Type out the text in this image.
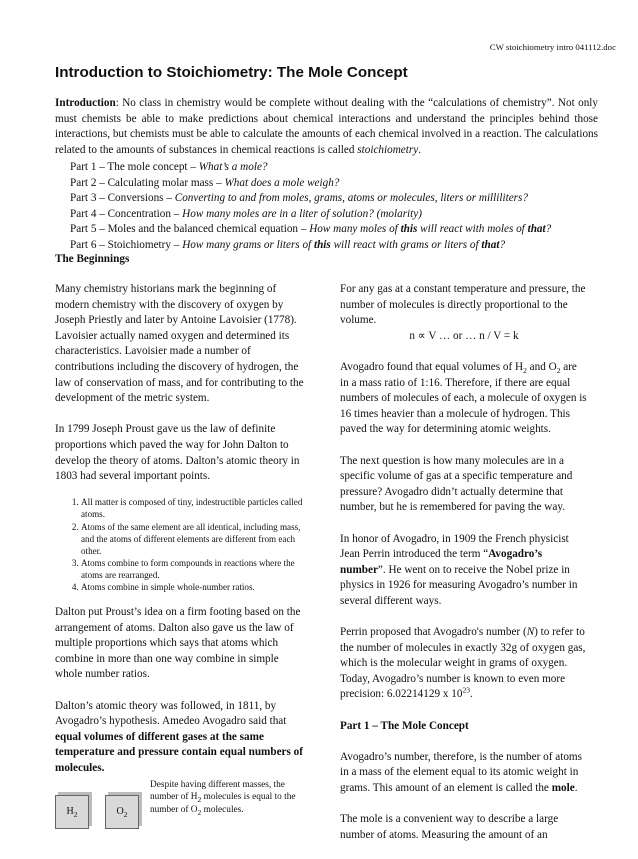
CW stoichiometry intro 041112.doc
Introduction to Stoichiometry: The Mole Concept

Introduction: No class in chemistry would be complete without dealing with the “calculations of chemistry”. Not only must chemists be able to make predictions about chemical interactions and understand the principles behind those interactions, but chemists must be able to calculate the amounts of each chemical involved in a reaction. The calculations related to the amounts of substances in chemical reactions is called stoichiometry.

Part 1 – The mole concept – What’s a mole?
Part 2 – Calculating molar mass – What does a mole weigh?
Part 3 – Conversions – Converting to and from moles, grams, atoms or molecules, liters or milliliters?
Part 4 – Concentration – How many moles are in a liter of solution? (molarity)
Part 5 – Moles and the balanced chemical equation – How many moles of this will react with moles of that?
Part 6 – Stoichiometry – How many grams or liters of this will react with grams or liters of that?
The Beginnings

Many chemistry historians mark the beginning of modern chemistry with the discovery of oxygen by Joseph Priestly and later by Antoine Lavoisier (1778). Lavoisier actually named oxygen and determined its characteristics. Lavoisier made a number of contributions including the discovery of hydrogen, the law of conservation of mass, and for contributing to the development of the metric system.

In 1799 Joseph Proust gave us the law of definite proportions which paved the way for John Dalton to develop the theory of atoms. Dalton’s atomic theory in 1803 had several important points.

1. All matter is composed of tiny, indestructible particles called atoms.
2. Atoms of the same element are all identical, including mass, and the atoms of different elements are different from each other.
3. Atoms combine to form compounds in reactions where the atoms are rearranged.
4. Atoms combine in simple whole-number ratios.

Dalton put Proust’s idea on a firm footing based on the arrangement of atoms. Dalton also gave us the law of multiple proportions which says that atoms which combine in more than one way combine in simple whole number ratios.

Dalton’s atomic theory was followed, in 1811, by Avogadro’s hypothesis. Amedeo Avogadro said that equal volumes of different gases at the same temperature and pressure contain equal numbers of molecules.

$H_2$	$O_2$
Despite having different masses, the number of $H_2$ molecules is equal to the number of $O_2$ molecules.

For any gas at a constant temperature and pressure, the number of molecules is directly proportional to the volume.
n ∝ V … or … n / V = k

Avogadro found that equal volumes of $H_2$ and $O_2$ are in a mass ratio of 1:16. Therefore, if there are equal numbers of molecules of each, a molecule of oxygen is 16 times heavier than a molecule of hydrogen. This paved the way for determining atomic weights.

The next question is how many molecules are in a specific volume of gas at a specific temperature and pressure? Avogadro didn’t actually determine that number, but he is remembered for paving the way.

In honor of Avogadro, in 1909 the French physicist Jean Perrin introduced the term “Avogadro’s number”. He went on to receive the Nobel prize in physics in 1926 for measuring Avogadro’s number in several different ways.

Perrin proposed that Avogadro's number (N) to refer to the number of molecules in exactly 32g of oxygen gas, which is the molecular weight in grams of oxygen. Today, Avogadro’s number is known to even more precision: 6.02214129 x $10^{23}$.

Part 1 – The Mole Concept

Avogadro’s number, therefore, is the number of atoms in a mass of the element equal to its atomic weight in grams. This amount of an element is called the mole.

The mole is a convenient way to describe a large number of atoms. Measuring the amount of an
